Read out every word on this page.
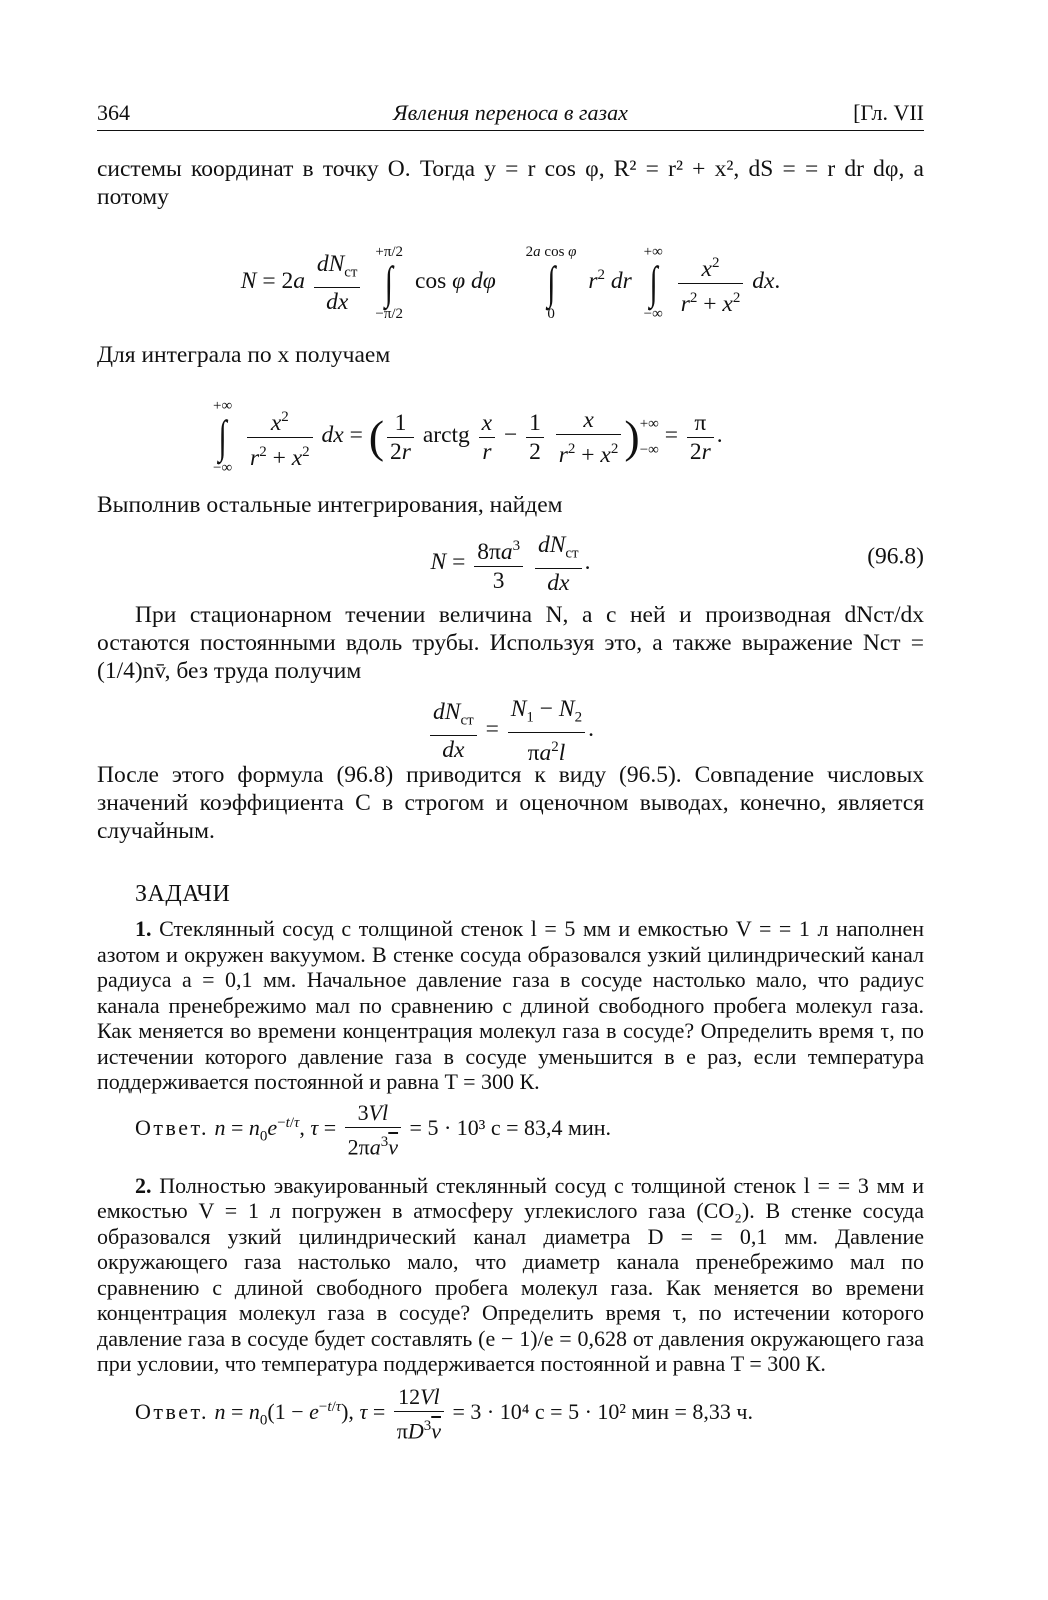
364	Явления переноса в газах	[Гл. VII

системы координат в точку O. Тогда y = r cos φ, R² = r² + x², dS = = r dr dφ, а потому

N = 2a
$dN_{ст}$
dx

+π/2
∫
−π/2
cos φ dφ
2a cos φ
∫
0
$r^2$ dr
+∞
∫
−∞
$\frac{x^2}{r^2 + x^2}$ dx.

Для интеграла по x получаем

+∞
∫
−∞
$\frac{x^2}{r^2 + x^2}$ dx = ( $\frac{1}{2r}$ arctg $\frac{x}{r} - \frac{1}{2}$
$\frac{x}{r^2 + x^2}$ )+∞
−∞ = $\frac{\pi}{2r}$ .

Выполнив остальные интегрирования, найдем

$N = \frac{8\pi a^3}{3}$
$dN_{ст}$
dx
.	(96.8)

При стационарном течении величина N, а с ней и производная dNст/dx остаются постоянными вдоль трубы. Используя это, а также выражение Nст = (1/4)nv̄, без труда получим

$dN_{ст}$
dx
= $\frac{N_1 - N_2}{\pi a^2l}$ .

После этого формула (96.8) приводится к виду (96.5). Совпадение числовых значений коэффициента C в строгом и оценочном выводах, конечно, является случайным.

ЗАДАЧИ

1. Стеклянный сосуд с толщиной стенок l = 5 мм и емкостью V = = 1 л наполнен азотом и окружен вакуумом. В стенке сосуда образовался узкий цилиндрический канал радиуса a = 0,1 мм. Начальное давление газа в сосуде настолько мало, что радиус канала пренебрежимо мал по сравнению с длиной свободного пробега молекул газа. Как меняется во времени концентрация молекул газа в сосуде? Определить время τ, по истечении которого давление газа в сосуде уменьшится в e раз, если температура поддерживается постоянной и равна T = 300 К.

Ответ. $n = n_0e^{-t/\tau}$, $\tau = \frac{3Vl}{2\pi a^3\overline{v}} = 5 \cdot 10^3$ с = 83,4 мин.

2. Полностью эвакуированный стеклянный сосуд с толщиной стенок l = = 3 мм и емкостью V = 1 л погружен в атмосферу углекислого газа (CO₂). В стенке сосуда образовался узкий цилиндрический канал диаметра D = = 0,1 мм. Давление окружающего газа настолько мало, что диаметр канала пренебрежимо мал по сравнению с длиной свободного пробега молекул газа. Как меняется во времени концентрация молекул газа в сосуде? Определить время τ, по истечении которого давление газа в сосуде будет составлять (e − 1)/e = 0,628 от давления окружающего газа при условии, что температура поддерживается постоянной и равна T = 300 К.

Ответ. $n = n_0(1 - e^{-t/\tau})$, $\tau = \frac{12Vl}{\pi D^3\overline{v}} = 3 \cdot 10^4$ с = 5 · 10² мин = 8,33 ч.
